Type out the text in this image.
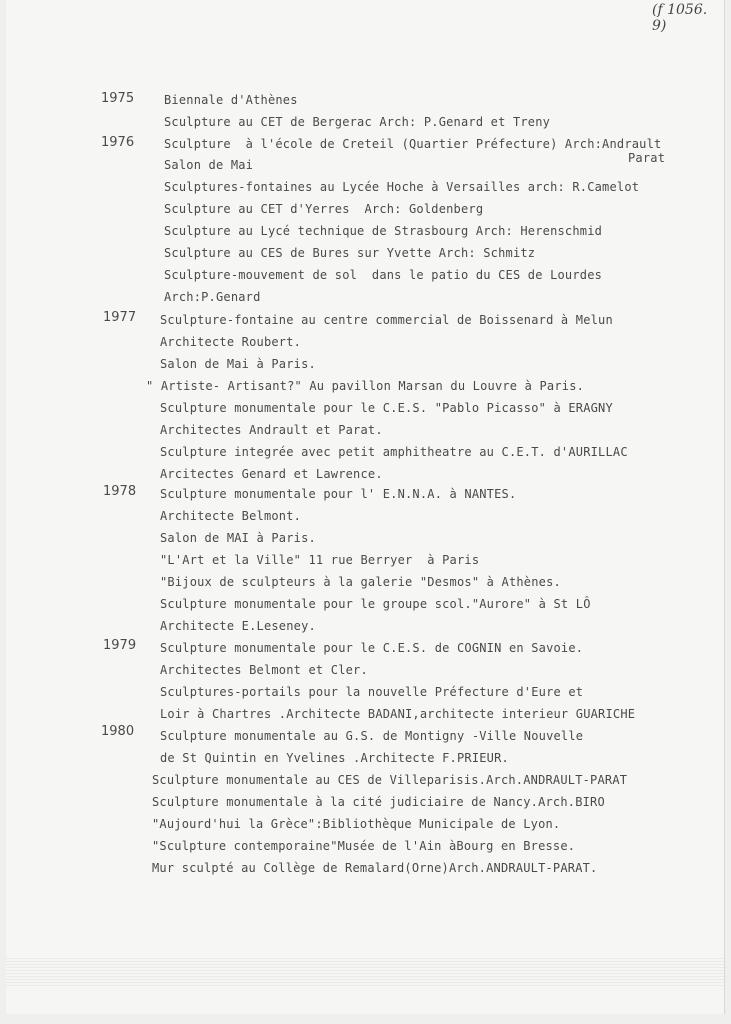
(f 1056. 9)
1975
1976
1977
1978
1979
1980
Biennale d'Athènes
Sculpture au CET de Bergerac Arch: P.Genard et Treny
Sculpture  à l'école de Creteil (Quartier Préfecture) Arch:Andrault
Parat
Salon de Mai
Sculptures-fontaines au Lycée Hoche à Versailles arch: R.Camelot
Sculpture au CET d'Yerres  Arch: Goldenberg
Sculpture au Lycé technique de Strasbourg Arch: Herenschmid
Sculpture au CES de Bures sur Yvette Arch: Schmitz
Sculpture-mouvement de sol  dans le patio du CES de Lourdes
Arch:P.Genard
Sculpture-fontaine au centre commercial de Boissenard à Melun
Architecte Roubert.
Salon de Mai à Paris.
" Artiste- Artisant?" Au pavillon Marsan du Louvre à Paris.
Sculpture monumentale pour le C.E.S. "Pablo Picasso" à ERAGNY
Architectes Andrault et Parat.
Sculpture integrée avec petit amphitheatre au C.E.T. d'AURILLAC
Arcitectes Genard et Lawrence.
Sculpture monumentale pour l' E.N.N.A. à NANTES.
Architecte Belmont.
Salon de MAI à Paris.
"L'Art et la Ville" 11 rue Berryer  à Paris
"Bijoux de sculpteurs à la galerie "Desmos" à Athènes.
Sculpture monumentale pour le groupe scol."Aurore" à St LÔ
Architecte E.Leseney.
Sculpture monumentale pour le C.E.S. de COGNIN en Savoie.
Architectes Belmont et Cler.
Sculptures-portails pour la nouvelle Préfecture d'Eure et
Loir à Chartres .Architecte BADANI,architecte interieur GUARICHE
Sculpture monumentale au G.S. de Montigny -Ville Nouvelle
de St Quintin en Yvelines .Architecte F.PRIEUR.
Sculpture monumentale au CES de Villeparisis.Arch.ANDRAULT-PARAT
Sculpture monumentale à la cité judiciaire de Nancy.Arch.BIRO
"Aujourd'hui la Grèce":Bibliothèque Municipale de Lyon.
"Sculpture contemporaine"Musée de l'Ain àBourg en Bresse.
Mur sculpté au Collège de Remalard(Orne)Arch.ANDRAULT-PARAT.
